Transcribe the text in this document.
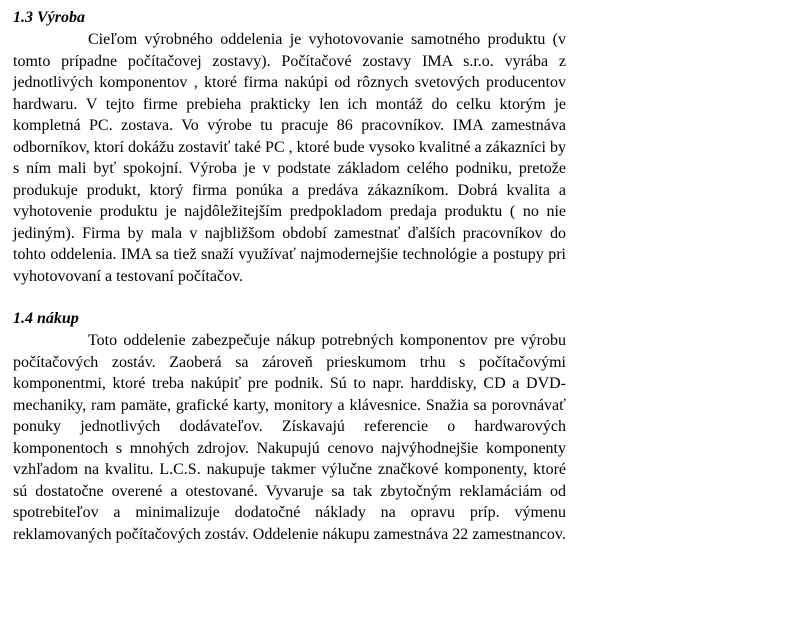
1.3 Výroba

Cieľom výrobného oddelenia je vyhotovovanie samotného produktu (v tomto prípadne počítačovej zostavy). Počítačové zostavy IMA s.r.o. vyrába z jednotlivých komponentov , ktoré firma nakúpi od rôznych svetových producentov hardwaru. V tejto firme prebieha prakticky len ich montáž do celku ktorým je kompletná PC. zostava. Vo výrobe tu pracuje 86 pracovníkov. IMA zamestnáva odborníkov, ktorí dokážu zostaviť také PC , ktoré bude vysoko kvalitné a zákazníci by s ním mali byť spokojní. Výroba je v podstate základom celého podniku, pretože produkuje produkt, ktorý firma ponúka a predáva zákazníkom. Dobrá kvalita a vyhotovenie produktu je najdôležitejším predpokladom predaja produktu ( no nie jediným). Firma by mala v najbližšom období zamestnať ďalších pracovníkov do tohto oddelenia. IMA sa tiež snaží využívať najmodernejšie technológie a postupy pri vyhotovovaní a testovaní počítačov.

1.4 nákup

Toto oddelenie zabezpečuje nákup potrebných komponentov pre výrobu počítačových zostáv. Zaoberá sa zároveň prieskumom trhu s počítačovými komponentmi, ktoré treba nakúpiť pre podnik. Sú to napr. harddisky, CD a DVD-mechaniky, ram pamäte, grafické karty, monitory a klávesnice. Snažia sa porovnávať ponuky jednotlivých dodávateľov. Získavajú referencie o hardwarových komponentoch s mnohých zdrojov. Nakupujú cenovo najvýhodnejšie komponenty vzhľadom na kvalitu. L.C.S. nakupuje takmer výlučne značkové komponenty, ktoré sú dostatočne overené a otestované. Vyvaruje sa tak zbytočným reklamáciám od spotrebiteľov a minimalizuje dodatočné náklady na opravu príp. výmenu reklamovaných počítačových zostáv. Oddelenie nákupu zamestnáva 22 zamestnancov.
